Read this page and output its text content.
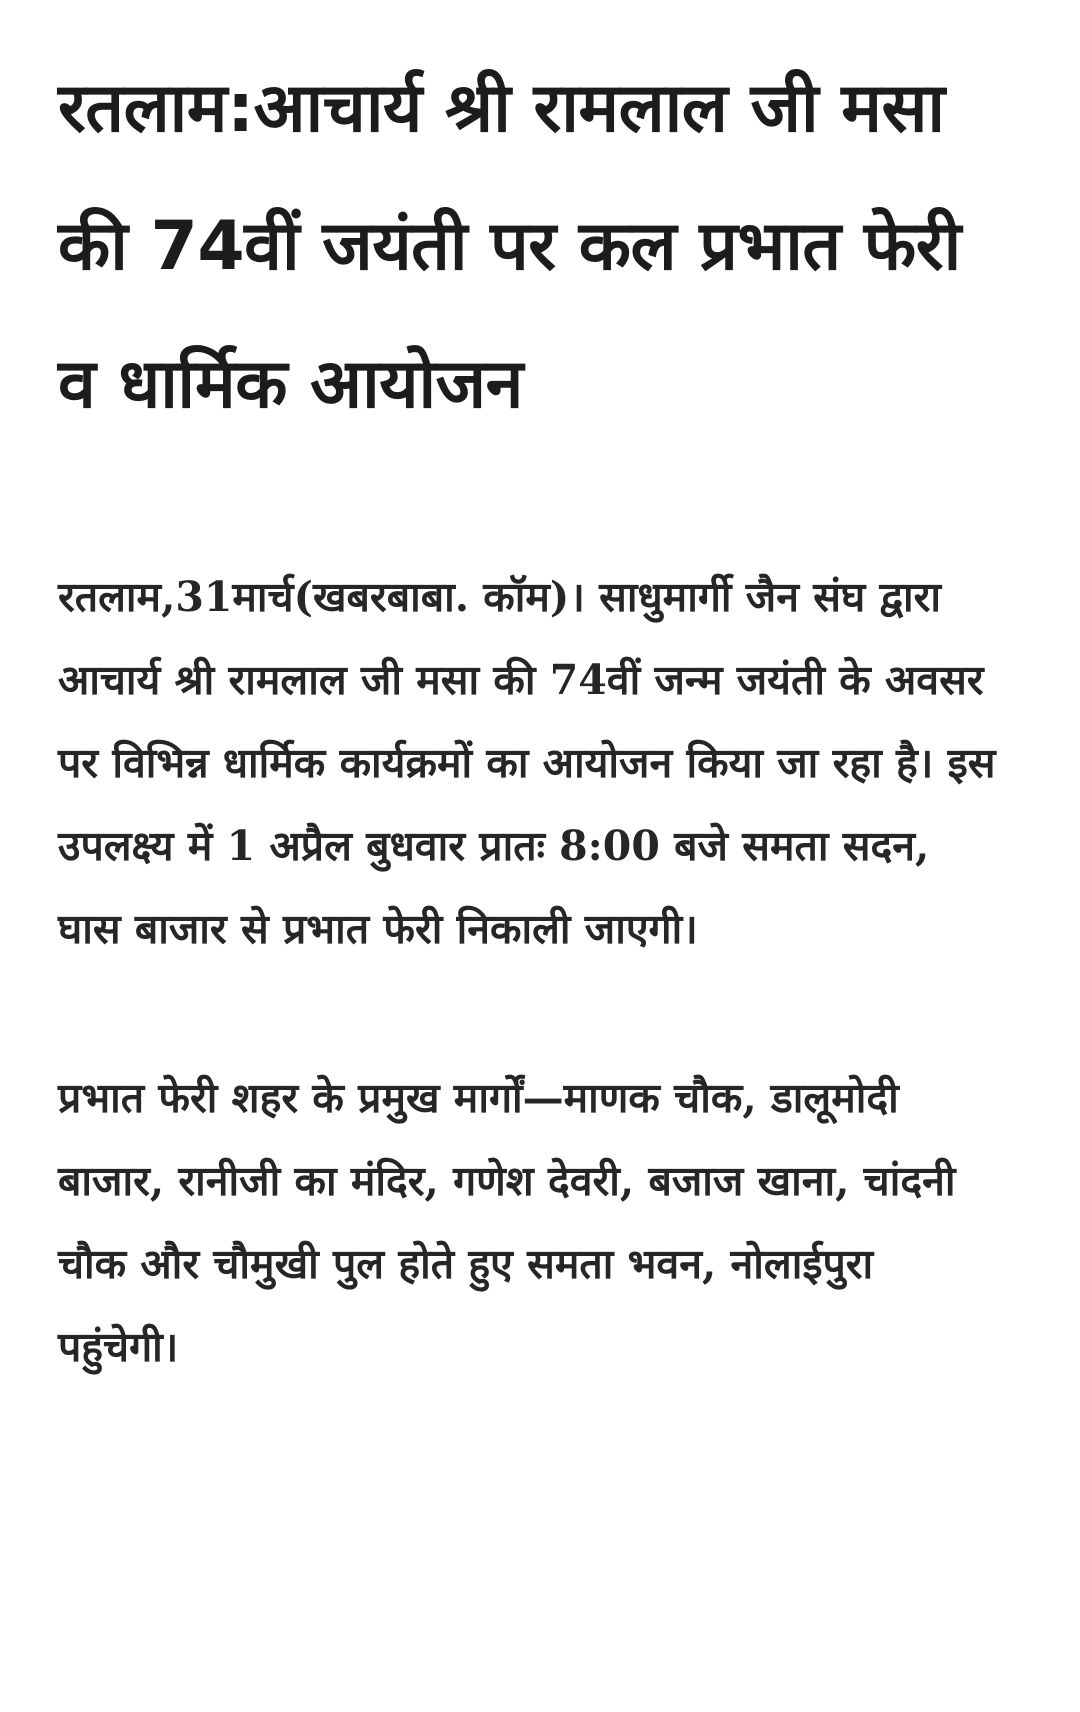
रतलाम:आचार्य श्री रामलाल जी मसा की 74वीं जयंती पर कल प्रभात फेरी व धार्मिक आयोजन

रतलाम,31मार्च(खबरबाबा. कॉम)। साधुमार्गी जैन संघ द्वारा आचार्य श्री रामलाल जी मसा की 74वीं जन्म जयंती के अवसर पर विभिन्न धार्मिक कार्यक्रमों का आयोजन किया जा रहा है। इस उपलक्ष्य में 1 अप्रैल बुधवार प्रातः 8:00 बजे समता सदन, घास बाजार से प्रभात फेरी निकाली जाएगी।

प्रभात फेरी शहर के प्रमुख मार्गों—माणक चौक, डालूमोदी बाजार, रानीजी का मंदिर, गणेश देवरी, बजाज खाना, चांदनी चौक और चौमुखी पुल होते हुए समता भवन, नोलाईपुरा पहुंचेगी।
